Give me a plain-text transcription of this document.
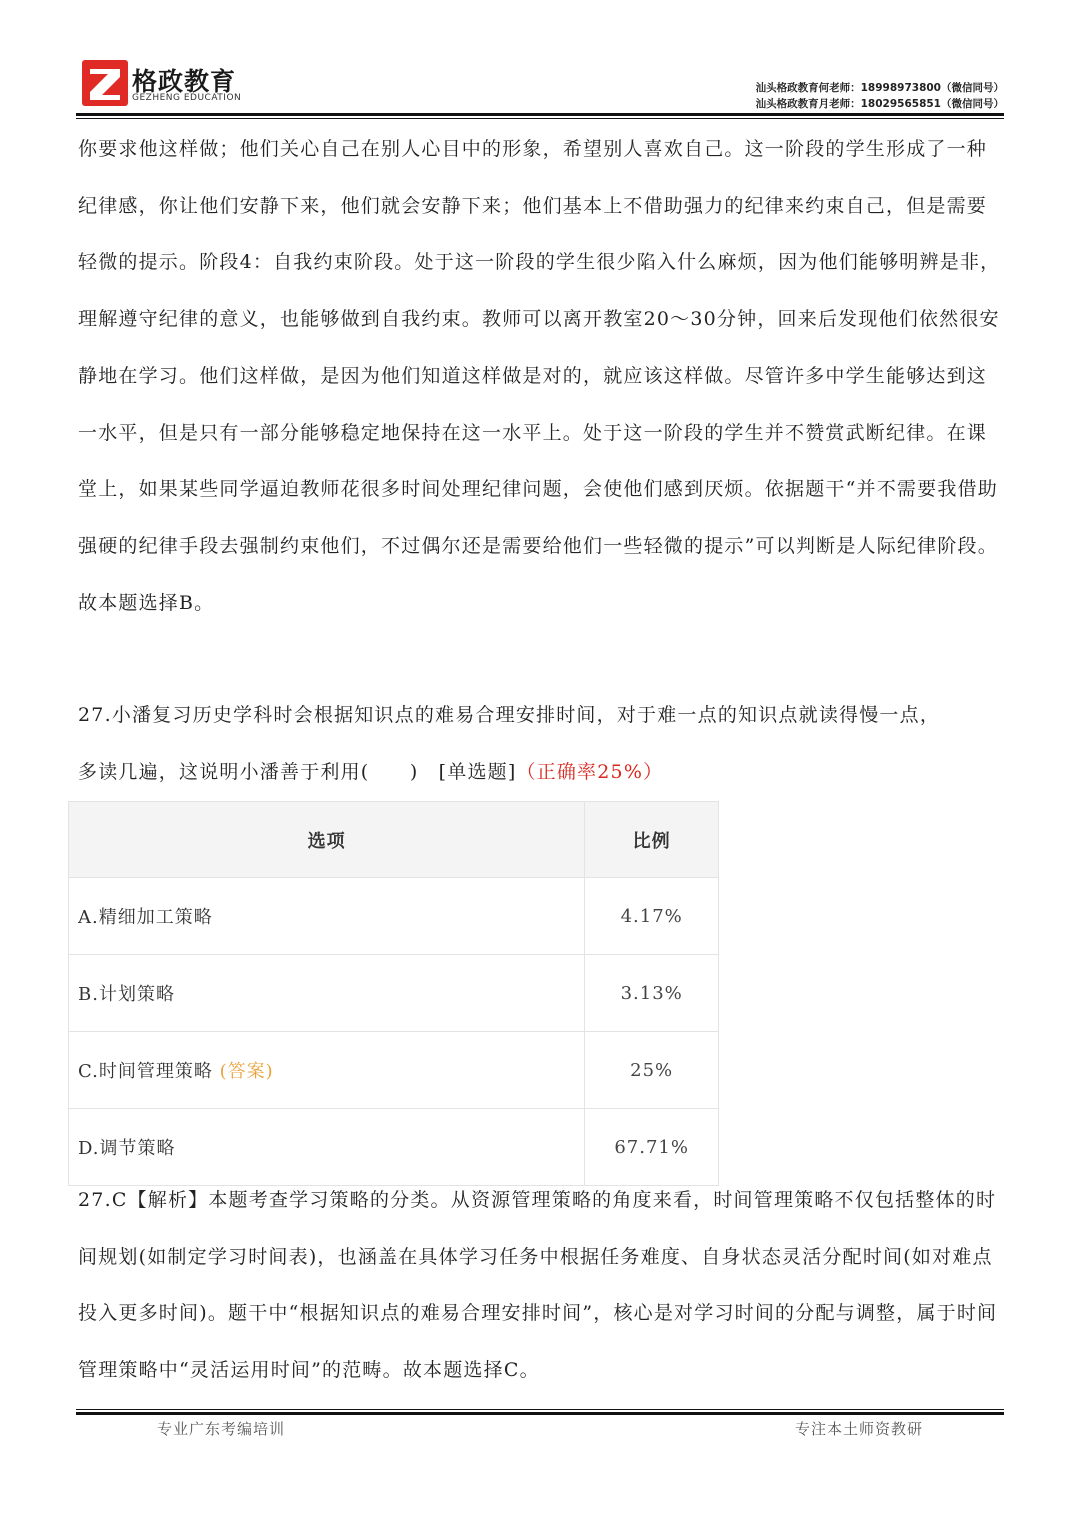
格政教育
GEZHENG EDUCATION
汕头格政教育何老师：18998973800（微信同号）
汕头格政教育月老师：18029565851（微信同号）

你要求他这样做；他们关心自己在别人心目中的形象，希望别人喜欢自己。这一阶段的学生形成了一种纪律感，你让他们安静下来，他们就会安静下来；他们基本上不借助强力的纪律来约束自己，但是需要轻微的提示。阶段4：自我约束阶段。处于这一阶段的学生很少陷入什么麻烦，因为他们能够明辨是非，理解遵守纪律的意义，也能够做到自我约束。教师可以离开教室20～30分钟，回来后发现他们依然很安静地在学习。他们这样做，是因为他们知道这样做是对的，就应该这样做。尽管许多中学生能够达到这一水平，但是只有一部分能够稳定地保持在这一水平上。处于这一阶段的学生并不赞赏武断纪律。在课堂上，如果某些同学逼迫教师花很多时间处理纪律问题，会使他们感到厌烦。依据题干“并不需要我借助强硬的纪律手段去强制约束他们，不过偶尔还是需要给他们一些轻微的提示”可以判断是人际纪律阶段。故本题选择B。

27.小潘复习历史学科时会根据知识点的难易合理安排时间，对于难一点的知识点就读得慢一点，

多读几遍，这说明小潘善于利用(　　)　[单选题]（正确率25%）

选项	比例
A.精细加工策略	4.17%
B.计划策略	3.13%
C.时间管理策略 (答案)	25%
D.调节策略	67.71%

27.C【解析】本题考查学习策略的分类。从资源管理策略的角度来看，时间管理策略不仅包括整体的时间规划(如制定学习时间表)，也涵盖在具体学习任务中根据任务难度、自身状态灵活分配时间(如对难点投入更多时间)。题干中“根据知识点的难易合理安排时间”，核心是对学习时间的分配与调整，属于时间管理策略中“灵活运用时间”的范畴。故本题选择C。

专业广东考编培训	专注本土师资教研
